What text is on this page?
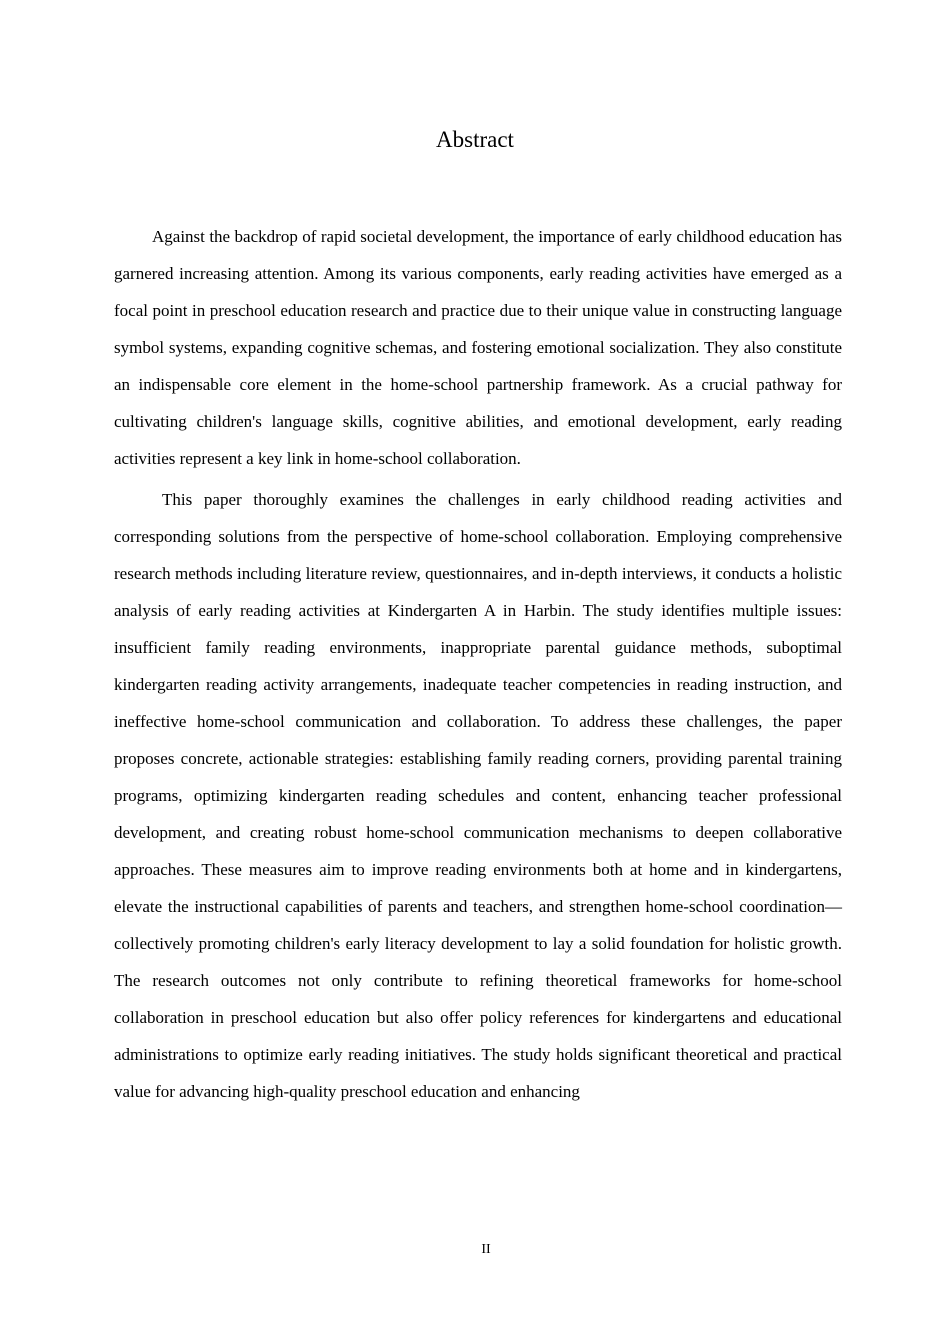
Abstract

Against the backdrop of rapid societal development, the importance of early childhood education has garnered increasing attention. Among its various components, early reading activities have emerged as a focal point in preschool education research and practice due to their unique value in constructing language symbol systems, expanding cognitive schemas, and fostering emotional socialization. They also constitute an indispensable core element in the home-school partnership framework. As a crucial pathway for cultivating children's language skills, cognitive abilities, and emotional development, early reading activities represent a key link in home-school collaboration.

This paper thoroughly examines the challenges in early childhood reading activities and corresponding solutions from the perspective of home-school collaboration. Employing comprehensive research methods including literature review, questionnaires, and in-depth interviews, it conducts a holistic analysis of early reading activities at Kindergarten A in Harbin. The study identifies multiple issues: insufficient family reading environments, inappropriate parental guidance methods, suboptimal kindergarten reading activity arrangements, inadequate teacher competencies in reading instruction, and ineffective home-school communication and collaboration. To address these challenges, the paper proposes concrete, actionable strategies: establishing family reading corners, providing parental training programs, optimizing kindergarten reading schedules and content, enhancing teacher professional development, and creating robust home-school communication mechanisms to deepen collaborative approaches. These measures aim to improve reading environments both at home and in kindergartens, elevate the instructional capabilities of parents and teachers, and strengthen home-school coordination—collectively promoting children's early literacy development to lay a solid foundation for holistic growth. The research outcomes not only contribute to refining theoretical frameworks for home-school collaboration in preschool education but also offer policy references for kindergartens and educational administrations to optimize early reading initiatives. The study holds significant theoretical and practical value for advancing high-quality preschool education and enhancing

II
